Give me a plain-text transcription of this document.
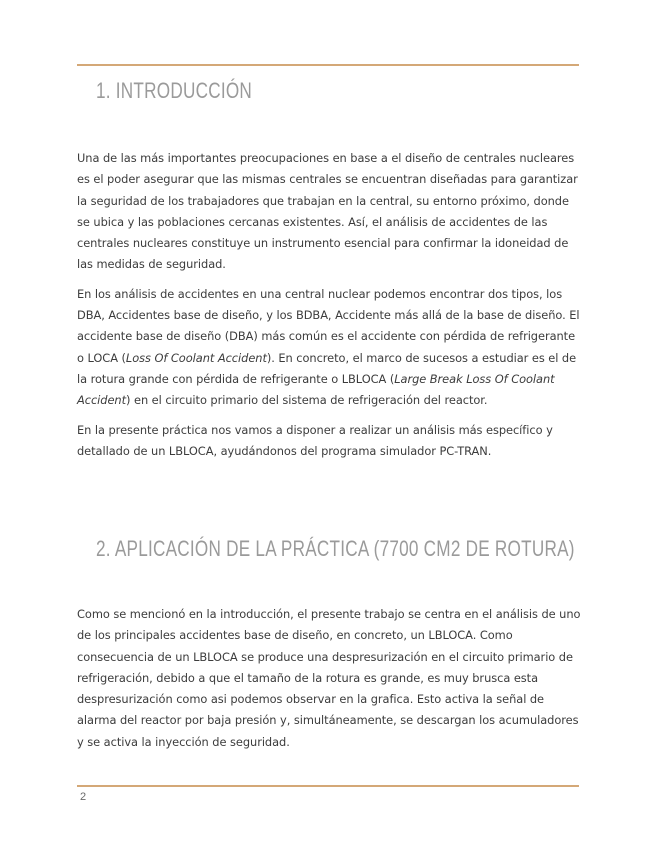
1. INTRODUCCIÓN

Una de las más importantes preocupaciones en base a el diseño de centrales nucleares es el poder asegurar que las mismas centrales se encuentran diseñadas para garantizar la seguridad de los trabajadores que trabajan en la central, su entorno próximo, donde se ubica y las poblaciones cercanas existentes. Así, el análisis de accidentes de las centrales nucleares constituye un instrumento esencial para confirmar la idoneidad de las medidas de seguridad.

En los análisis de accidentes en una central nuclear podemos encontrar dos tipos, los DBA, Accidentes base de diseño, y los BDBA, Accidente más allá de la base de diseño. El accidente base de diseño (DBA) más común es el accidente con pérdida de refrigerante o LOCA (Loss Of Coolant Accident). En concreto, el marco de sucesos a estudiar es el de la rotura grande con pérdida de refrigerante o LBLOCA (Large Break Loss Of Coolant Accident) en el circuito primario del sistema de refrigeración del reactor.

En la presente práctica nos vamos a disponer a realizar un análisis más específico y detallado de un LBLOCA, ayudándonos del programa simulador PC-TRAN.

2. APLICACIÓN DE LA PRÁCTICA (7700 CM2 DE ROTURA)

Como se mencionó en la introducción, el presente trabajo se centra en el análisis de uno de los principales accidentes base de diseño, en concreto, un LBLOCA. Como consecuencia de un LBLOCA se produce una despresurización en el circuito primario de refrigeración, debido a que el tamaño de la rotura es grande, es muy brusca esta despresurización como asi podemos observar en la grafica. Esto activa la señal de alarma del reactor por baja presión y, simultáneamente, se descargan los acumuladores y se activa la inyección de seguridad.

2
